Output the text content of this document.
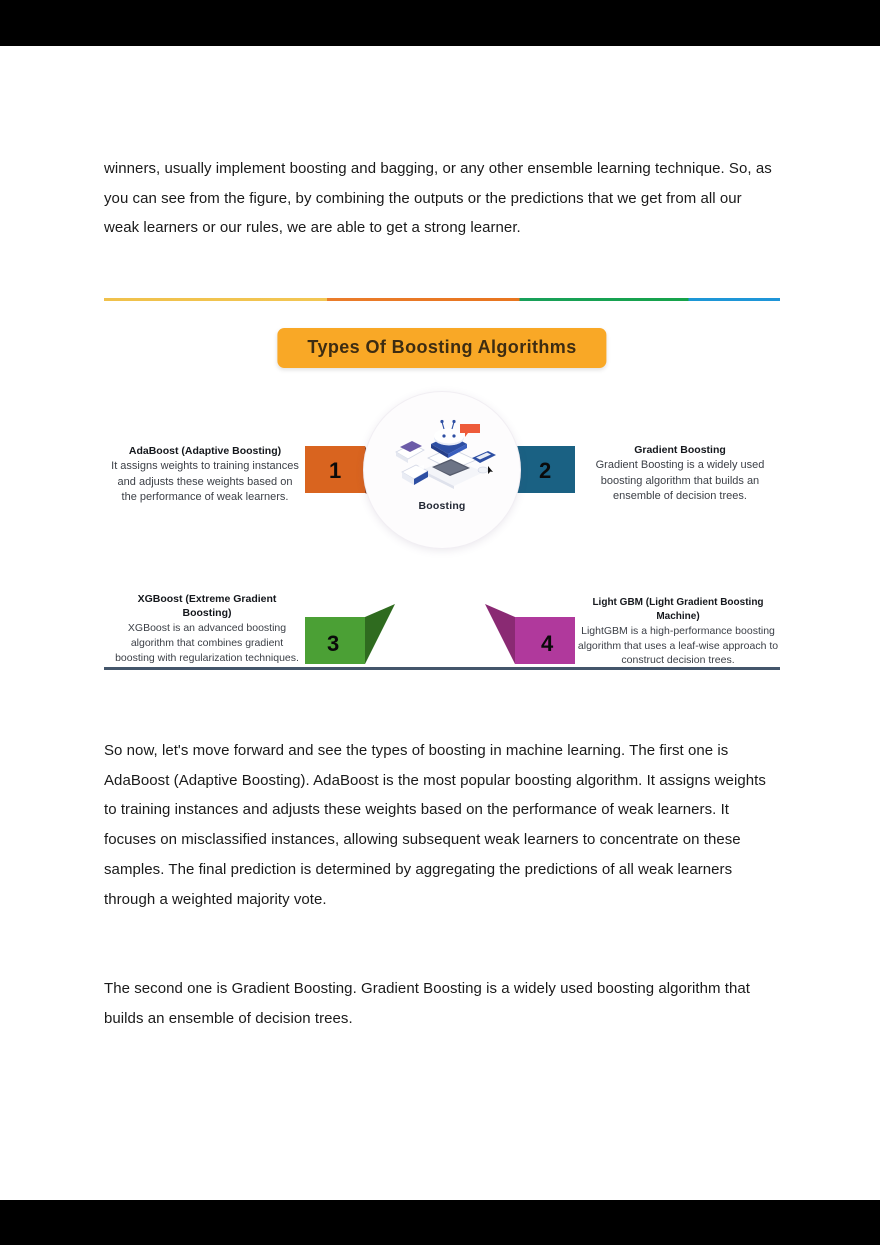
winners, usually implement boosting and bagging, or any other ensemble learning technique. So, as you can see from the figure, by combining the outputs or the predictions that we get from all our weak learners or our rules, we are able to get a strong learner.

Types Of Boosting Algorithms
1	2
3	4
Boosting
AdaBoost (Adaptive Boosting)
It assigns weights to training instances and adjusts these weights based on the performance of weak learners.
Gradient Boosting
Gradient Boosting is a widely used boosting algorithm that builds an ensemble of decision trees.
XGBoost (Extreme Gradient Boosting)
XGBoost is an advanced boosting algorithm that combines gradient boosting with regularization techniques.
Light GBM (Light Gradient Boosting Machine)
LightGBM is a high-performance boosting algorithm that uses a leaf-wise approach to construct decision trees.

So now, let's move forward and see the types of boosting in machine learning. The first one is AdaBoost (Adaptive Boosting). AdaBoost is the most popular boosting algorithm. It assigns weights to training instances and adjusts these weights based on the performance of weak learners. It focuses on misclassified instances, allowing subsequent weak learners to concentrate on these samples. The final prediction is determined by aggregating the predictions of all weak learners through a weighted majority vote.

The second one is Gradient Boosting. Gradient Boosting is a widely used boosting algorithm that builds an ensemble of decision trees.
